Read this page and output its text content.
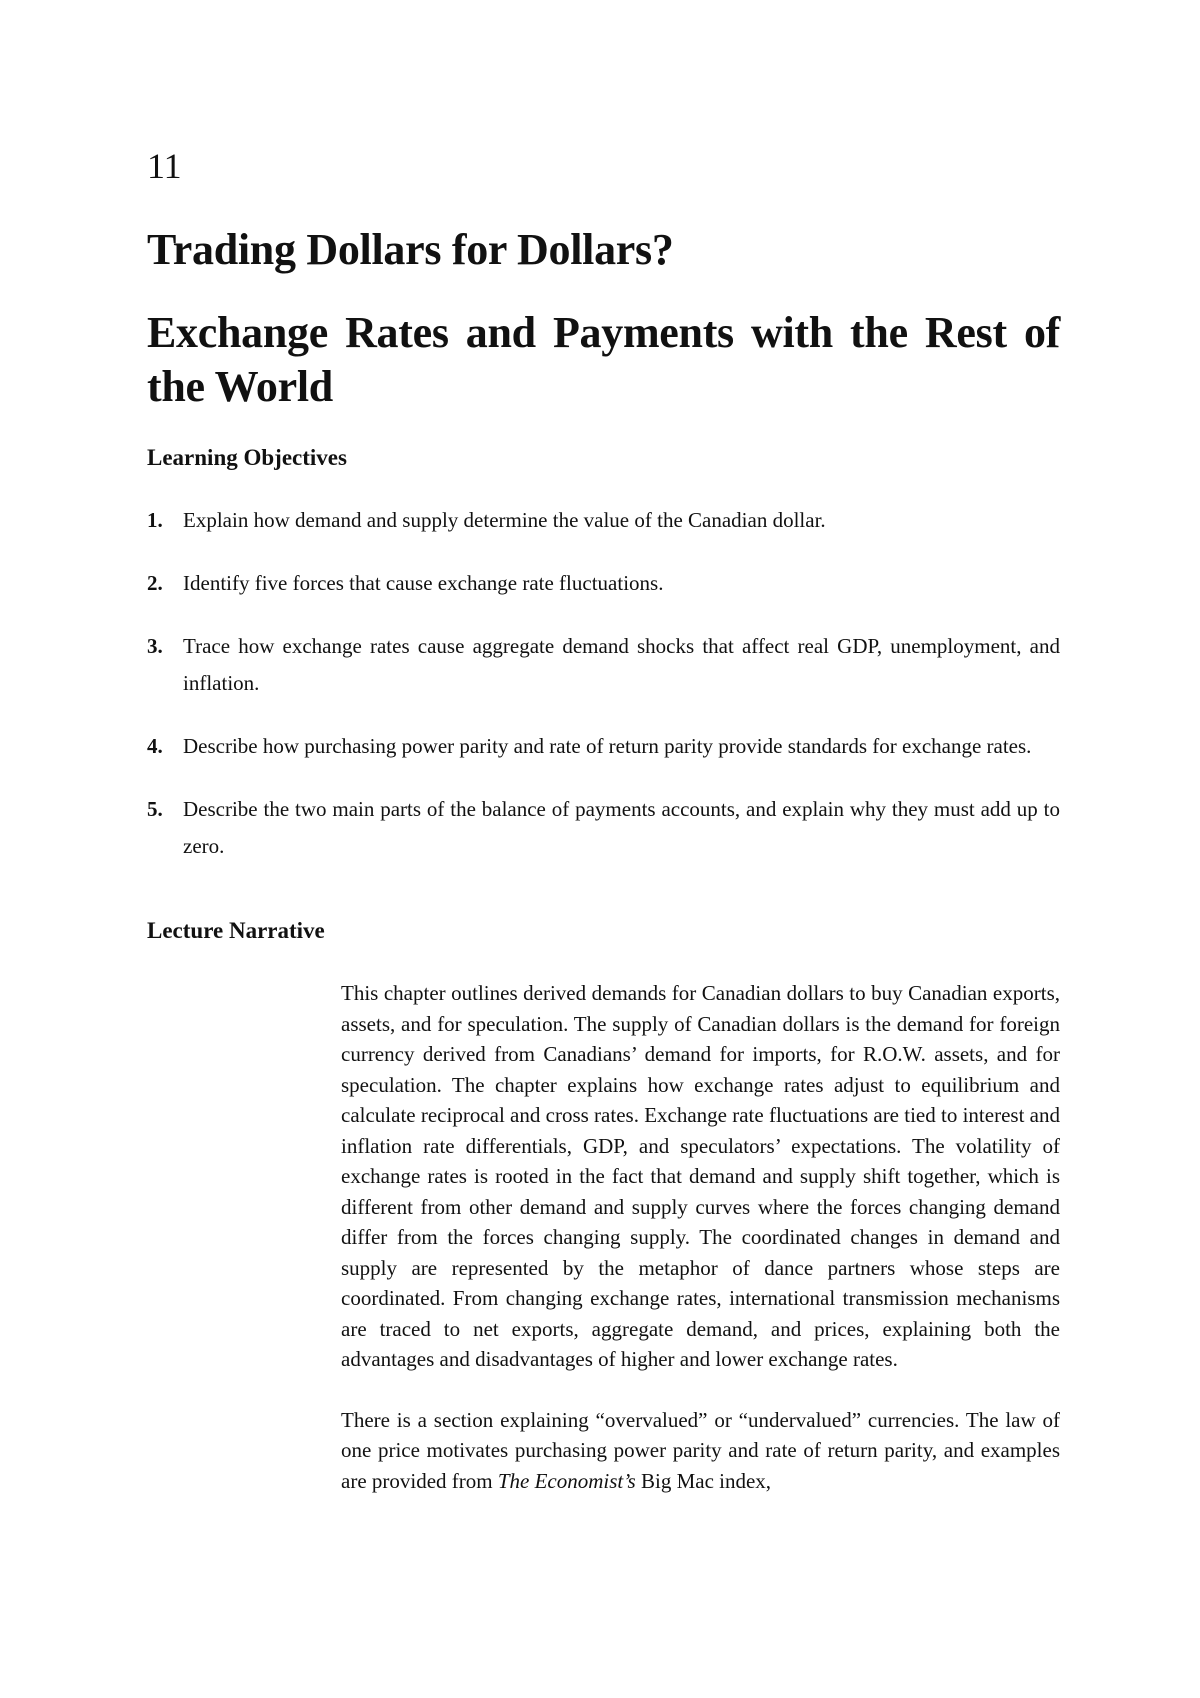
11
Trading Dollars for Dollars?
Exchange Rates and Payments with the Rest of the World
Learning Objectives
1. Explain how demand and supply determine the value of the Canadian dollar.
2. Identify five forces that cause exchange rate fluctuations.
3. Trace how exchange rates cause aggregate demand shocks that affect real GDP, unemployment, and inflation.
4. Describe how purchasing power parity and rate of return parity provide standards for exchange rates.
5. Describe the two main parts of the balance of payments accounts, and explain why they must add up to zero.
Lecture Narrative

This chapter outlines derived demands for Canadian dollars to buy Canadian exports, assets, and for speculation. The supply of Canadian dollars is the demand for foreign currency derived from Canadians’ demand for imports, for R.O.W. assets, and for speculation. The chapter explains how exchange rates adjust to equilibrium and calculate reciprocal and cross rates. Exchange rate fluctuations are tied to interest and inflation rate differentials, GDP, and speculators’ expectations. The volatility of exchange rates is rooted in the fact that demand and supply shift together, which is different from other demand and supply curves where the forces changing demand differ from the forces changing supply. The coordinated changes in demand and supply are represented by the metaphor of dance partners whose steps are coordinated. From changing exchange rates, international transmission mechanisms are traced to net exports, aggregate demand, and prices, explaining both the advantages and disadvantages of higher and lower exchange rates.

There is a section explaining “overvalued” or “undervalued” currencies. The law of one price motivates purchasing power parity and rate of return parity, and examples are provided from The Economist’s Big Mac index,
